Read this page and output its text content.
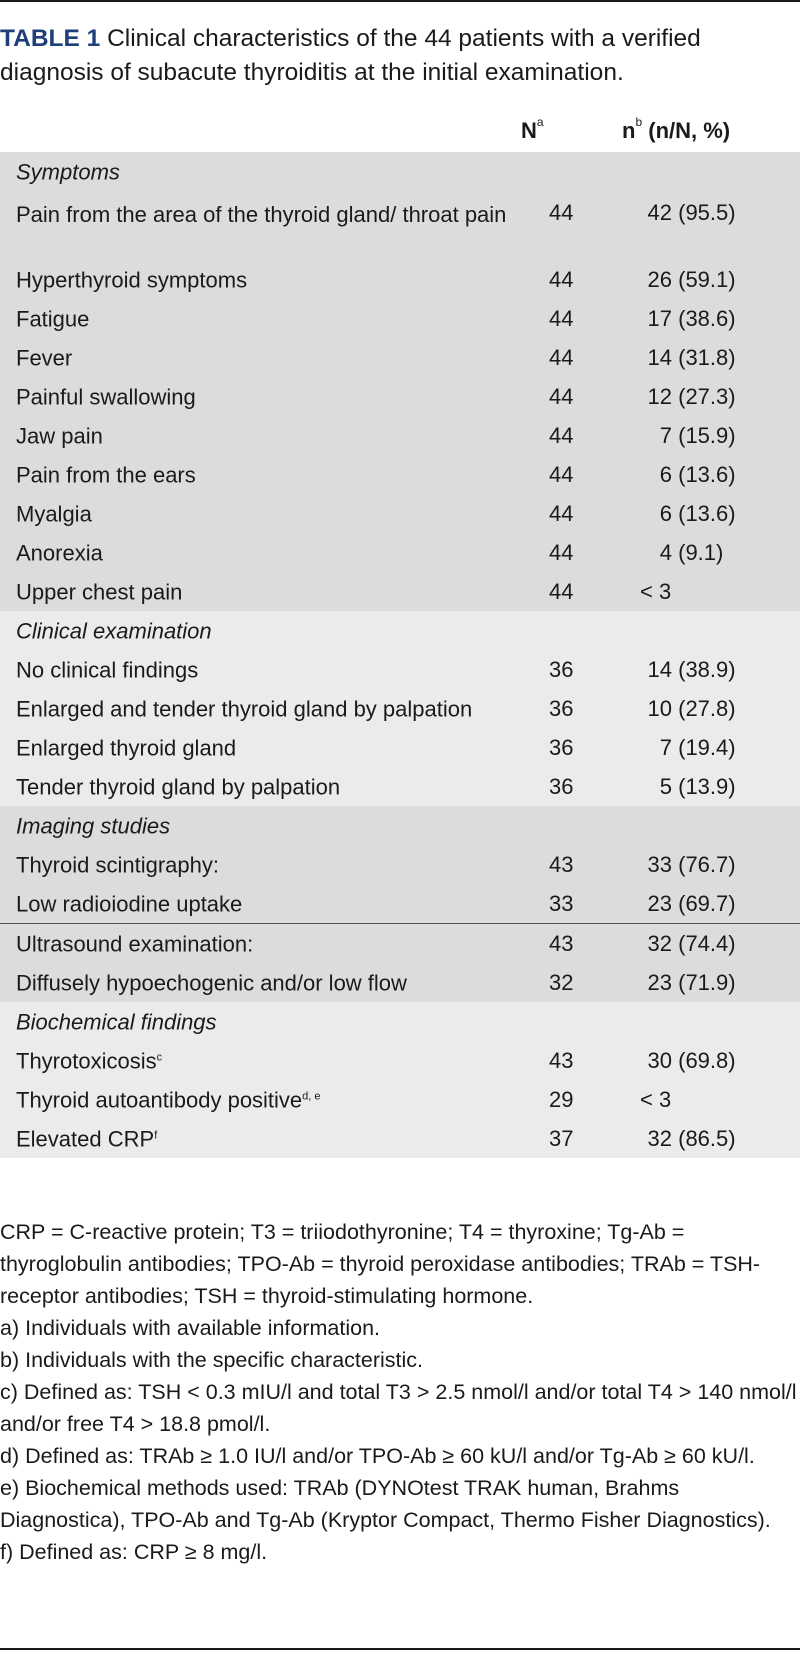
TABLE 1 Clinical characteristics of the 44 patients with a verified diagnosis of subacute thyroiditis at the initial examination.
$N^a$	$n^b$ (n/N, %)
Symptoms
Pain from the area of the thyroid gland/ throat pain	44	42 (95.5)
Hyperthyroid symptoms	44	26 (59.1)
Fatigue	44	17 (38.6)
Fever	44	14 (31.8)
Painful swallowing	44	12 (27.3)
Jaw pain	44	7 (15.9)
Pain from the ears	44	6 (13.6)
Myalgia	44	6 (13.6)
Anorexia	44	4 (9.1)
Upper chest pain	44	< 3
Clinical examination
No clinical findings	36	14 (38.9)
Enlarged and tender thyroid gland by palpation	36	10 (27.8)
Enlarged thyroid gland	36	7 (19.4)
Tender thyroid gland by palpation	36	5 (13.9)
Imaging studies
Thyroid scintigraphy:	43	33 (76.7)
Low radioiodine uptake	33	23 (69.7)
Ultrasound examination:	43	32 (74.4)
Diffusely hypoechogenic and/or low flow	32	23 (71.9)
Biochemical findings
Thyrotoxicosis$^c$	43	30 (69.8)
Thyroid autoantibody positive$^{d, e}$	29	< 3
Elevated CRP$^f$	37	32 (86.5)

CRP = C-reactive protein; T3 = triiodothyronine; T4 = thyroxine; Tg-Ab = thyroglobulin antibodies; TPO-Ab = thyroid peroxidase antibodies; TRAb = TSH-receptor antibodies; TSH = thyroid-stimulating hormone.

a) Individuals with available information.

b) Individuals with the specific characteristic.

c) Defined as: TSH < 0.3 mIU/l and total T3 > 2.5 nmol/l and/or total T4 > 140 nmol/l and/or free T4 > 18.8 pmol/l.

d) Defined as: TRAb ≥ 1.0 IU/l and/or TPO-Ab ≥ 60 kU/l and/or Tg-Ab ≥ 60 kU/l.

e) Biochemical methods used: TRAb (DYNOtest TRAK human, Brahms Diagnostica), TPO-Ab and Tg-Ab (Kryptor Compact, Thermo Fisher Diagnostics).

f) Defined as: CRP ≥ 8 mg/l.
